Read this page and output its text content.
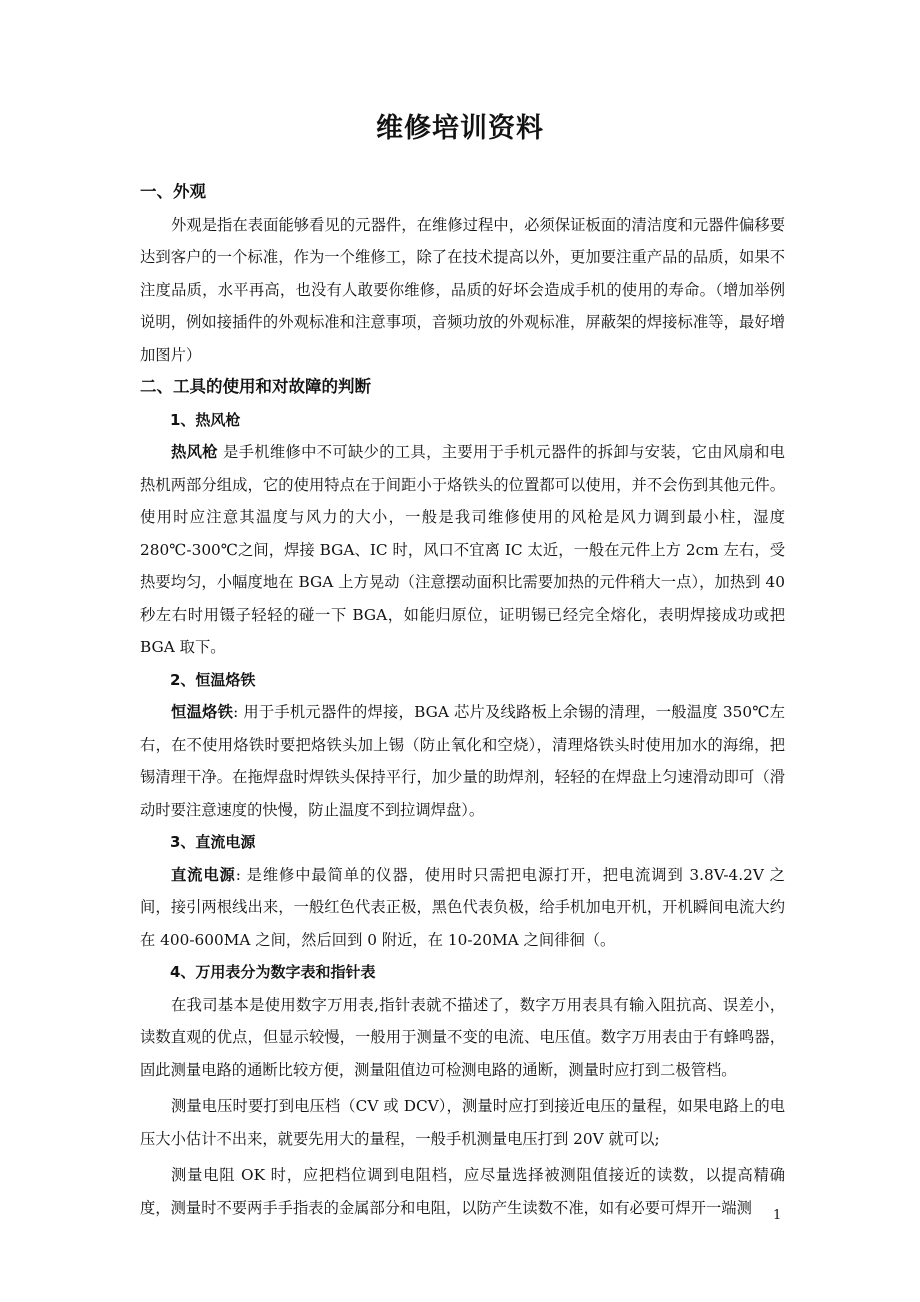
维修培训资料

一、外观

外观是指在表面能够看见的元器件，在维修过程中，必须保证板面的清洁度和元器件偏移要达到客户的一个标准，作为一个维修工，除了在技术提高以外，更加要注重产品的品质，如果不注度品质，水平再高，也没有人敢要你维修，品质的好坏会造成手机的使用的寿命。（增加举例说明，例如接插件的外观标准和注意事项，音频功放的外观标准，屏蔽架的焊接标准等，最好增加图片）

二、工具的使用和对故障的判断

1、热风枪

热风枪 是手机维修中不可缺少的工具，主要用于手机元器件的拆卸与安装，它由风扇和电热机两部分组成，它的使用特点在于间距小于烙铁头的位置都可以使用，并不会伤到其他元件。使用时应注意其温度与风力的大小，一般是我司维修使用的风枪是风力调到最小柱，湿度 280℃-300℃之间，焊接 BGA、IC 时，风口不宜离 IC 太近，一般在元件上方 2cm 左右，受热要均匀，小幅度地在 BGA 上方晃动（注意摆动面积比需要加热的元件稍大一点），加热到 40 秒左右时用镊子轻轻的碰一下 BGA，如能归原位，证明锡已经完全熔化，表明焊接成功或把 BGA 取下。

2、恒温烙铁

恒温烙铁: 用于手机元器件的焊接，BGA 芯片及线路板上余锡的清理，一般温度 350℃左右，在不使用烙铁时要把烙铁头加上锡（防止氧化和空烧），清理烙铁头时使用加水的海绵，把锡清理干净。在拖焊盘时焊铁头保持平行，加少量的助焊剂，轻轻的在焊盘上匀速滑动即可（滑动时要注意速度的快慢，防止温度不到拉调焊盘）。

3、直流电源

直流电源: 是维修中最简单的仪器，使用时只需把电源打开，把电流调到 3.8V-4.2V 之间，接引两根线出来，一般红色代表正极，黑色代表负极，给手机加电开机，开机瞬间电流大约在 400-600MA 之间，然后回到 0 附近，在 10-20MA 之间徘徊（。

4、万用表分为数字表和指针表

在我司基本是使用数字万用表,指针表就不描述了，数字万用表具有输入阻抗高、误差小，读数直观的优点，但显示较慢，一般用于测量不变的电流、电压值。数字万用表由于有蜂鸣器，固此测量电路的通断比较方便，测量阻值边可检测电路的通断，测量时应打到二极管档。

测量电压时要打到电压档（CV 或 DCV），测量时应打到接近电压的量程，如果电路上的电压大小估计不出来，就要先用大的量程，一般手机测量电压打到 20V 就可以;

测量电阻 OK 时，应把档位调到电阻档，应尽量选择被测阻值接近的读数，以提高精确度，测量时不要两手手指表的金属部分和电阻，以防产生读数不准，如有必要可焊开一端测	1
